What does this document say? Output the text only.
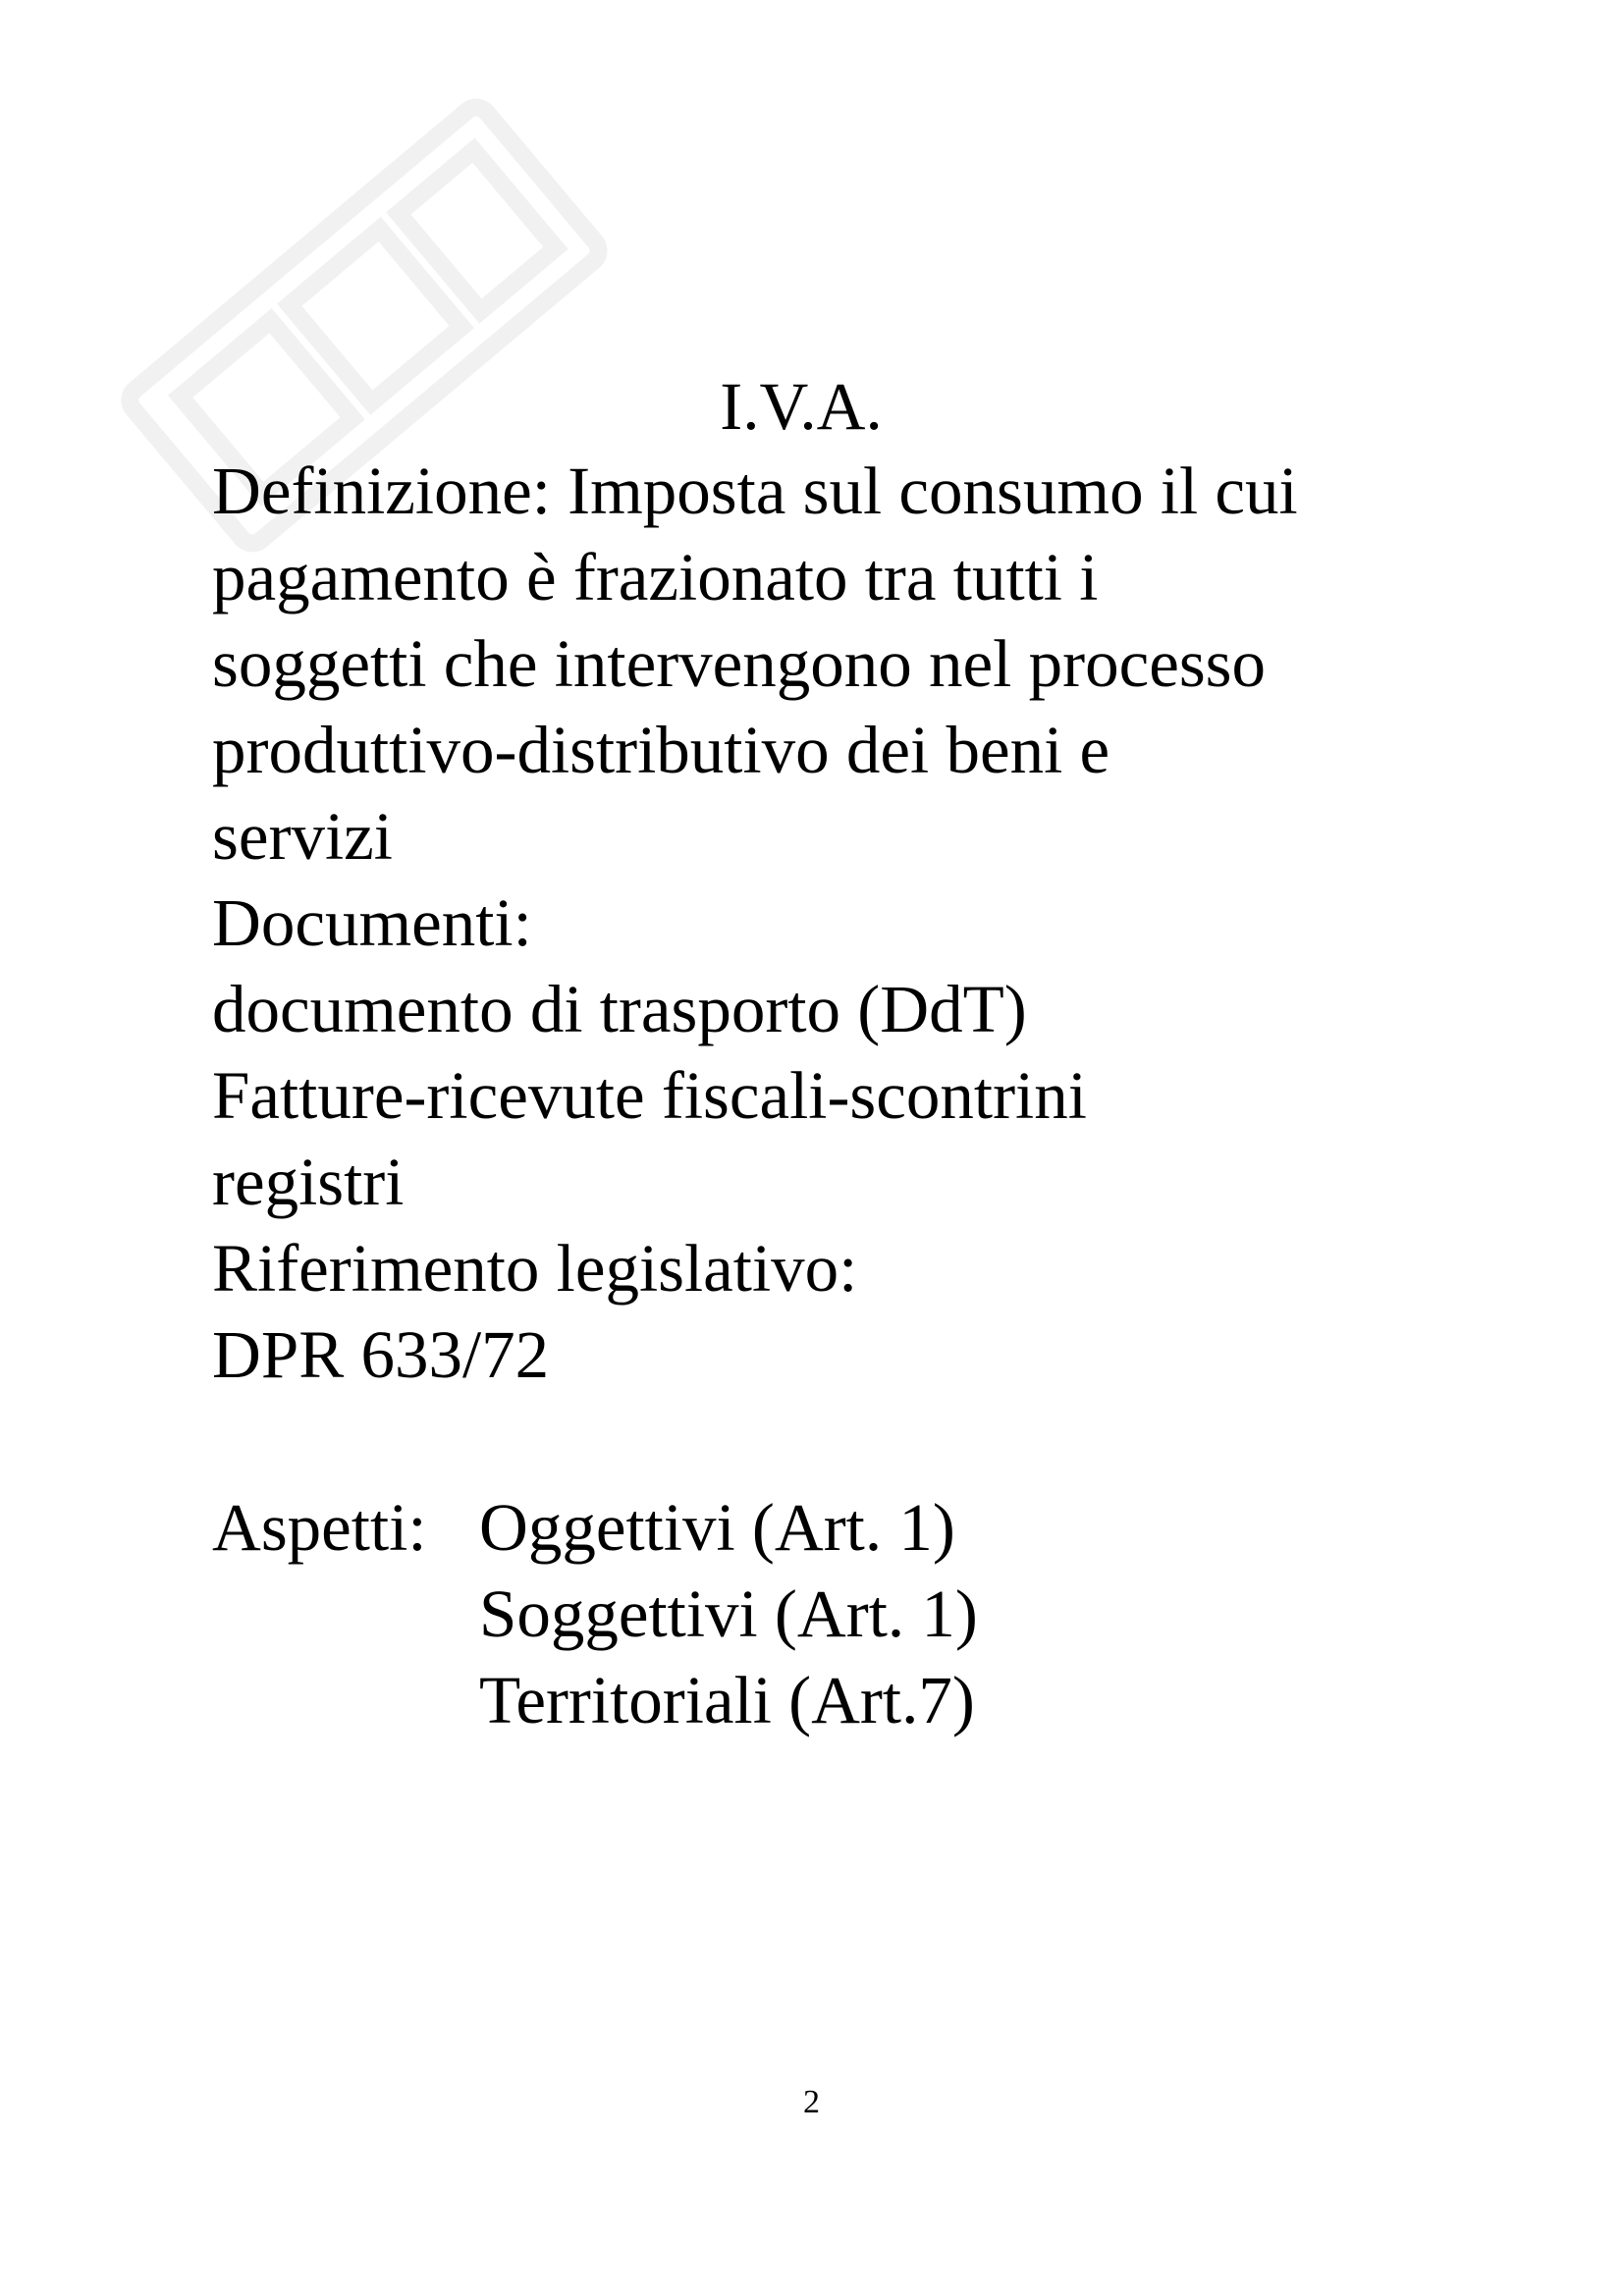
I.V.A.

Definizione: Imposta sul consumo il cui

pagamento è frazionato tra tutti i

soggetti che intervengono nel processo

produttivo-distributivo dei beni e

servizi

Documenti:

documento di trasporto (DdT)

Fatture-ricevute fiscali-scontrini

registri

Riferimento legislativo:

DPR 633/72

Aspetti: Oggettivi (Art. 1)
Soggettivi (Art. 1)
Territoriali (Art.7)
2
